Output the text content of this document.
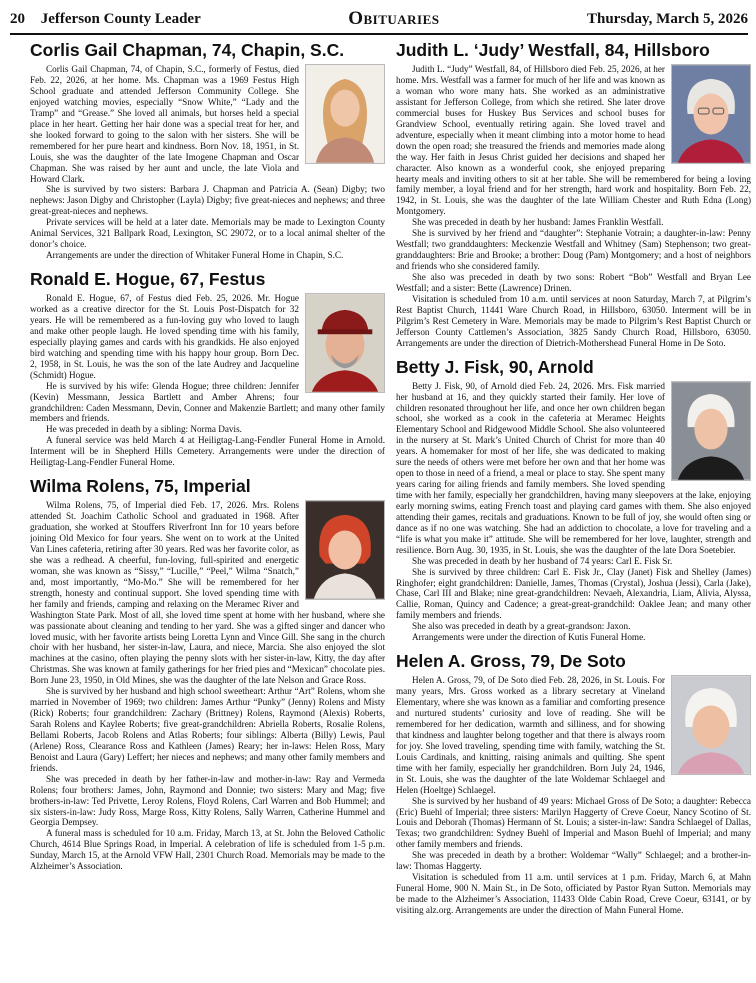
20 Jefferson County Leader	Obituaries	Thursday, March 5, 2026
Corlis Gail Chapman, 74, Chapin, S.C.

Corlis Gail Chapman, 74, of Chapin, S.C., formerly of Festus, died Feb. 22, 2026, at her home. Ms. Chapman was a 1969 Festus High School graduate and attended Jefferson Community College. She enjoyed watching movies, especially “Snow White,” “Lady and the Tramp” and “Grease.” She loved all animals, but horses held a special place in her heart. Getting her hair done was a special treat for her, and she looked forward to going to the salon with her sisters. She will be remembered for her pure heart and kindness. Born Nov. 18, 1951, in St. Louis, she was the daughter of the late Imogene Chapman and Oscar Chapman. She was raised by her aunt and uncle, the late Viola and Howard Clark.

She is survived by two sisters: Barbara J. Chapman and Patricia A. (Sean) Digby; two nephews: Jason Digby and Christopher (Layla) Digby; five great-nieces and nephews; and three great-great-nieces and nephews.

Private services will be held at a later date. Memorials may be made to Lexington County Animal Services, 321 Ballpark Road, Lexington, SC 29072, or to a local animal shelter of the donor’s choice.

Arrangements are under the direction of Whitaker Funeral Home in Chapin, S.C.

Ronald E. Hogue, 67, Festus

Ronald E. Hogue, 67, of Festus died Feb. 25, 2026. Mr. Hogue worked as a creative director for the St. Louis Post-Dispatch for 32 years. He will be remembered as a fun-loving guy who loved to laugh and make other people laugh. He loved spending time with his family, especially playing games and cards with his grandkids. He also enjoyed bird watching and spending time with his happy hour group. Born Dec. 2, 1958, in St. Louis, he was the son of the late Audrey and Jacqueline (Schmidt) Hogue.

He is survived by his wife: Glenda Hogue; three children: Jennifer (Kevin) Messmann, Jessica Bartlett and Amber Ahrens; four grandchildren: Caden Messmann, Devin, Conner and Makenzie Bartlett; and many other family members and friends.

He was preceded in death by a sibling: Norma Davis.

A funeral service was held March 4 at Heiligtag-Lang-Fendler Funeral Home in Arnold. Interment will be in Shepherd Hills Cemetery. Arrangements were under the direction of Heiligtag-Lang-Fendler Funeral Home.

Wilma Rolens, 75, Imperial

Wilma Rolens, 75, of Imperial died Feb. 17, 2026. Mrs. Rolens attended St. Joachim Catholic School and graduated in 1968. After graduation, she worked at Stouffers Riverfront Inn for 10 years before joining Old Mexico for four years. She went on to work at the United Van Lines cafeteria, retiring after 30 years. Red was her favorite color, as she was a redhead. A cheerful, fun-loving, full-spirited and energetic woman, she was known as “Sissy,” “Lucille,” “Peel,” Wilma “Snatch,” and, most importantly, “Mo-Mo.” She will be remembered for her strength, honesty and continual support. She loved spending time with her family and friends, camping and relaxing on the Meramec River and Washington State Park. Most of all, she loved time spent at home with her husband, where she was passionate about cleaning and tending to her yard. She was a gifted singer and dancer who loved music, with her favorite artists being Loretta Lynn and Vince Gill. She sang in the church choir with her husband, her sister-in-law, Laura, and niece, Marcia. She also enjoyed the slot machines at the casino, often playing the penny slots with her sister-in-law, Kitty, the day after Christmas. She was known at family gatherings for her fried pies and “Mexican” chocolate pies. Born June 23, 1950, in Old Mines, she was the daughter of the late Nelson and Grace Ross.

She is survived by her husband and high school sweetheart: Arthur “Art” Rolens, whom she married in November of 1969; two children: James Arthur “Punky” (Jenny) Rolens and Misty (Rick) Roberts; four grandchildren: Zachary (Brittney) Rolens, Raymond (Alexis) Roberts, Sarah Rolens and Kaylee Roberts; five great-grandchildren: Abriella Roberts, Rosalie Rolens, Bellami Roberts, Jacob Rolens and Atlas Roberts; four siblings: Alberta (Billy) Lewis, Paul (Arlene) Ross, Clearance Ross and Kathleen (James) Reary; her in-laws: Helen Ross, Mary Benoist and Laura (Gary) Leffert; her nieces and nephews; and many other family members and friends.

She was preceded in death by her father-in-law and mother-in-law: Ray and Vermeda Rolens; four brothers: James, John, Raymond and Donnie; two sisters: Mary and Mag; five brothers-in-law: Ted Privette, Leroy Rolens, Floyd Rolens, Carl Warren and Bob Hummel; and six sisters-in-law: Judy Ross, Marge Ross, Kitty Rolens, Sally Warren, Catherine Hummel and Georgia Dempsey.

A funeral mass is scheduled for 10 a.m. Friday, March 13, at St. John the Beloved Catholic Church, 4614 Blue Springs Road, in Imperial. A celebration of life is scheduled from 1-5 p.m. Sunday, March 15, at the Arnold VFW Hall, 2301 Church Road. Memorials may be made to the Alzheimer’s Association.

Judith L. ‘Judy’ Westfall, 84, Hillsboro

Judith L. “Judy” Westfall, 84, of Hillsboro died Feb. 25, 2026, at her home. Mrs. Westfall was a farmer for much of her life and was known as a woman who wore many hats. She worked as an administrative assistant for Jefferson College, from which she retired. She later drove commercial buses for Huskey Bus Services and school buses for Grandview School, eventually retiring again. She loved travel and adventure, especially when it meant climbing into a motor home to head down the open road; she treasured the friends and memories made along the way. Her faith in Jesus Christ guided her decisions and shaped her character. Also known as a wonderful cook, she enjoyed preparing hearty meals and inviting others to sit at her table. She will be remembered for being a loving family member, a loyal friend and for her strength, hard work and hospitality. Born Feb. 22, 1942, in St. Louis, she was the daughter of the late William Chester and Ruth Edna (Long) Montgomery.

She was preceded in death by her husband: James Franklin Westfall.

She is survived by her friend and “daughter”: Stephanie Votrain; a daughter-in-law: Penny Westfall; two granddaughters: Meckenzie Westfall and Whitney (Sam) Stephenson; two great-granddaughters: Brie and Brooke; a brother: Doug (Pam) Montgomery; and a host of neighbors and friends who she considered family.

She also was preceded in death by two sons: Robert “Bob” Westfall and Bryan Lee Westfall; and a sister: Bette (Lawrence) Drinen.

Visitation is scheduled from 10 a.m. until services at noon Saturday, March 7, at Pilgrim’s Rest Baptist Church, 11441 Ware Church Road, in Hillsboro, 63050. Interment will be in Pilgrim’s Rest Cemetery in Ware. Memorials may be made to Pilgrim’s Rest Baptist Church or Jefferson County Cattlemen’s Association, 3825 Sandy Church Road, Hillsboro, 63050. Arrangements are under the direction of Dietrich-Mothershead Funeral Home in De Soto.

Betty J. Fisk, 90, Arnold

Betty J. Fisk, 90, of Arnold died Feb. 24, 2026. Mrs. Fisk married her husband at 16, and they quickly started their family. Her love of children resonated throughout her life, and once her own children began school, she worked as a cook in the cafeteria at Meramec Heights Elementary School and Ridgewood Middle School. She also volunteered in the nursery at St. Mark’s United Church of Christ for more than 40 years. A homemaker for most of her life, she was dedicated to making sure the needs of others were met before her own and that her home was open to those in need of a friend, a meal or place to stay. She spent many years caring for ailing friends and family members. She loved spending time with her family, especially her grandchildren, having many sleepovers at the lake, enjoying early morning swims, eating French toast and playing card games with them. She also enjoyed attending their games, recitals and graduations. Known to be full of joy, she would often sing or dance as if no one was watching. She had an addiction to chocolate, a love for traveling and a “life is what you make it” attitude. She will be remembered for her love, laughter, strength and resilience. Born Aug. 30, 1935, in St. Louis, she was the daughter of the late Dora Soetebier.

She was preceded in death by her husband of 74 years: Carl E. Fisk Sr.

She is survived by three children: Carl E. Fisk Jr., Clay (Janet) Fisk and Shelley (James) Ringhofer; eight grandchildren: Danielle, James, Thomas (Crystal), Joshua (Jessi), Carla (Jake), Chase, Carl III and Blake; nine great-grandchildren: Nevaeh, Alexandria, Liam, Alivia, Alyssa, Callie, Roman, Quincy and Cadence; a great-great-grandchild: Oaklee Jean; and many other family members and friends.

She also was preceded in death by a great-grandson: Jaxon.

Arrangements were under the direction of Kutis Funeral Home.

Helen A. Gross, 79, De Soto

Helen A. Gross, 79, of De Soto died Feb. 28, 2026, in St. Louis. For many years, Mrs. Gross worked as a library secretary at Vineland Elementary, where she was known as a familiar and comforting presence and nurtured students’ curiosity and love of reading. She will be remembered for her dedication, warmth and silliness, and for showing that kindness and laughter belong together and that there is always room for joy. She loved traveling, spending time with family, watching the St. Louis Cardinals, and knitting, raising animals and quilting. She spent time with her family, especially her grandchildren. Born July 24, 1946, in St. Louis, she was the daughter of the late Woldemar Schlaegel and Helen (Hoeltge) Schlaegel.

She is survived by her husband of 49 years: Michael Gross of De Soto; a daughter: Rebecca (Eric) Buehl of Imperial; three sisters: Marilyn Haggerty of Creve Coeur, Nancy Scotino of St. Louis and Deborah (Thomas) Hermann of St. Louis; a sister-in-law: Sandra Schlaegel of Dallas, Texas; two grandchildren: Sydney Buehl of Imperial and Mason Buehl of Imperial; and many other family members and friends.

She was preceded in death by a brother: Woldemar “Wally” Schlaegel; and a brother-in-law: Thomas Haggerty.

Visitation is scheduled from 11 a.m. until services at 1 p.m. Friday, March 6, at Mahn Funeral Home, 900 N. Main St., in De Soto, officiated by Pastor Ryan Sutton. Memorials may be made to the Alzheimer’s Association, 11433 Olde Cabin Road, Creve Coeur, 63141, or by visiting alz.org. Arrangements are under the direction of Mahn Funeral Home.
